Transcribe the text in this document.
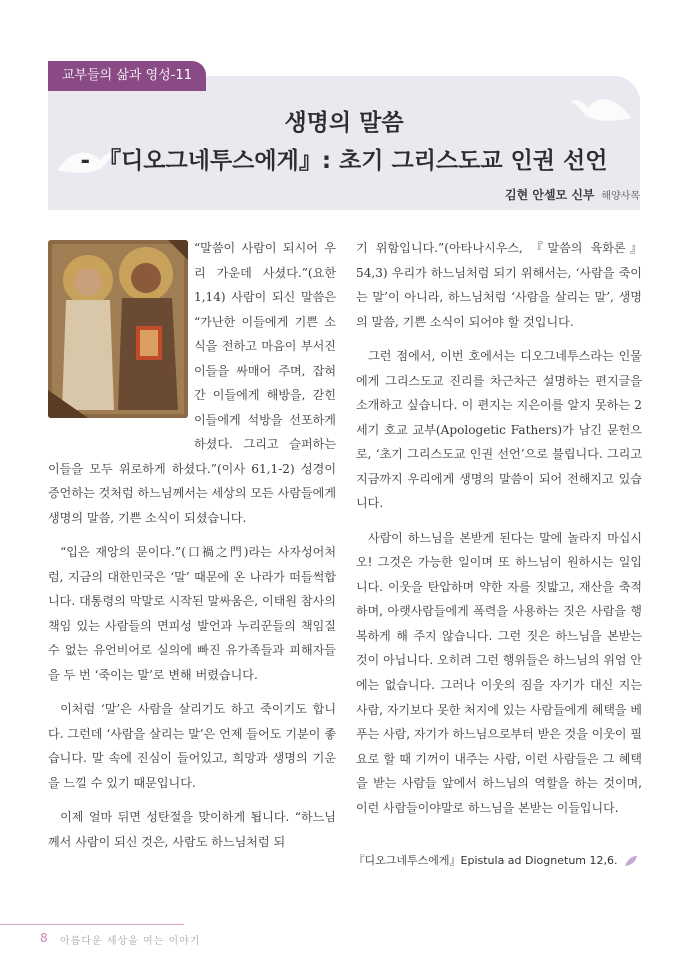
교부들의 삶과 영성-11
생명의 말씀
- 『디오그네투스에게』: 초기 그리스도교 인권 선언
김현 안셀모 신부 해양사목

“말씀이 사람이 되시어 우리 가운데 사셨다.”(요한 1,14) 사람이 되신 말씀은 “가난한 이들에게 기쁜 소식을 전하고 마음이 부서진 이들을 싸매어 주며, 잡혀간 이들에게 해방을, 갇힌 이들에게 석방을 선포하게 하셨다. 그리고 슬퍼하는 이들을 모두 위로하게 하셨다.”(이사 61,1-2) 성경이 증언하는 것처럼 하느님께서는 세상의 모든 사람들에게 생명의 말씀, 기쁜 소식이 되셨습니다.

“입은 재앙의 문이다.”(口禍之門)라는 사자성어처럼, 지금의 대한민국은 ‘말’ 때문에 온 나라가 떠들썩합니다. 대통령의 막말로 시작된 말싸움은, 이태원 참사의 책임 있는 사람들의 면피성 발언과 누리꾼들의 책임질 수 없는 유언비어로 실의에 빠진 유가족들과 피해자들을 두 번 ‘죽이는 말’로 변해 버렸습니다.

이처럼 ‘말’은 사람을 살리기도 하고 죽이기도 합니다. 그런데 ‘사람을 살리는 말’은 언제 들어도 기분이 좋습니다. 말 속에 진심이 들어있고, 희망과 생명의 기운을 느낄 수 있기 때문입니다.

이제 얼마 뒤면 성탄절을 맞이하게 됩니다. “하느님께서 사람이 되신 것은, 사람도 하느님처럼 되

기 위함입니다.”(아타나시우스, 『말씀의 육화론』 54,3) 우리가 하느님처럼 되기 위해서는, ‘사람을 죽이는 말’이 아니라, 하느님처럼 ‘사람을 살리는 말’, 생명의 말씀, 기쁜 소식이 되어야 할 것입니다.

그런 점에서, 이번 호에서는 디오그네투스라는 인물에게 그리스도교 진리를 차근차근 설명하는 편지글을 소개하고 싶습니다. 이 편지는 지은이를 알지 못하는 2세기 호교 교부(Apologetic Fathers)가 남긴 문헌으로, ‘초기 그리스도교 인권 선언’으로 불립니다. 그리고 지금까지 우리에게 생명의 말씀이 되어 전해지고 있습니다.

사람이 하느님을 본받게 된다는 말에 놀라지 마십시오! 그것은 가능한 일이며 또 하느님이 원하시는 일입니다. 이웃을 탄압하며 약한 자를 짓밟고, 재산을 축적하며, 아랫사람들에게 폭력을 사용하는 짓은 사람을 행복하게 해 주지 않습니다. 그런 짓은 하느님을 본받는 것이 아닙니다. 오히려 그런 행위들은 하느님의 위엄 안에는 없습니다. 그러나 이웃의 짐을 자기가 대신 지는 사람, 자기보다 못한 처지에 있는 사람들에게 혜택을 베푸는 사람, 자기가 하느님으로부터 받은 것을 이웃이 필요로 할 때 기꺼이 내주는 사람, 이런 사람들은 그 혜택을 받는 사람들 앞에서 하느님의 역할을 하는 것이며, 이런 사람들이야말로 하느님을 본받는 이들입니다.

『디오그네투스에게』Epistula ad Diognetum 12,6.
8 아름다운 세상을 여는 이야기
